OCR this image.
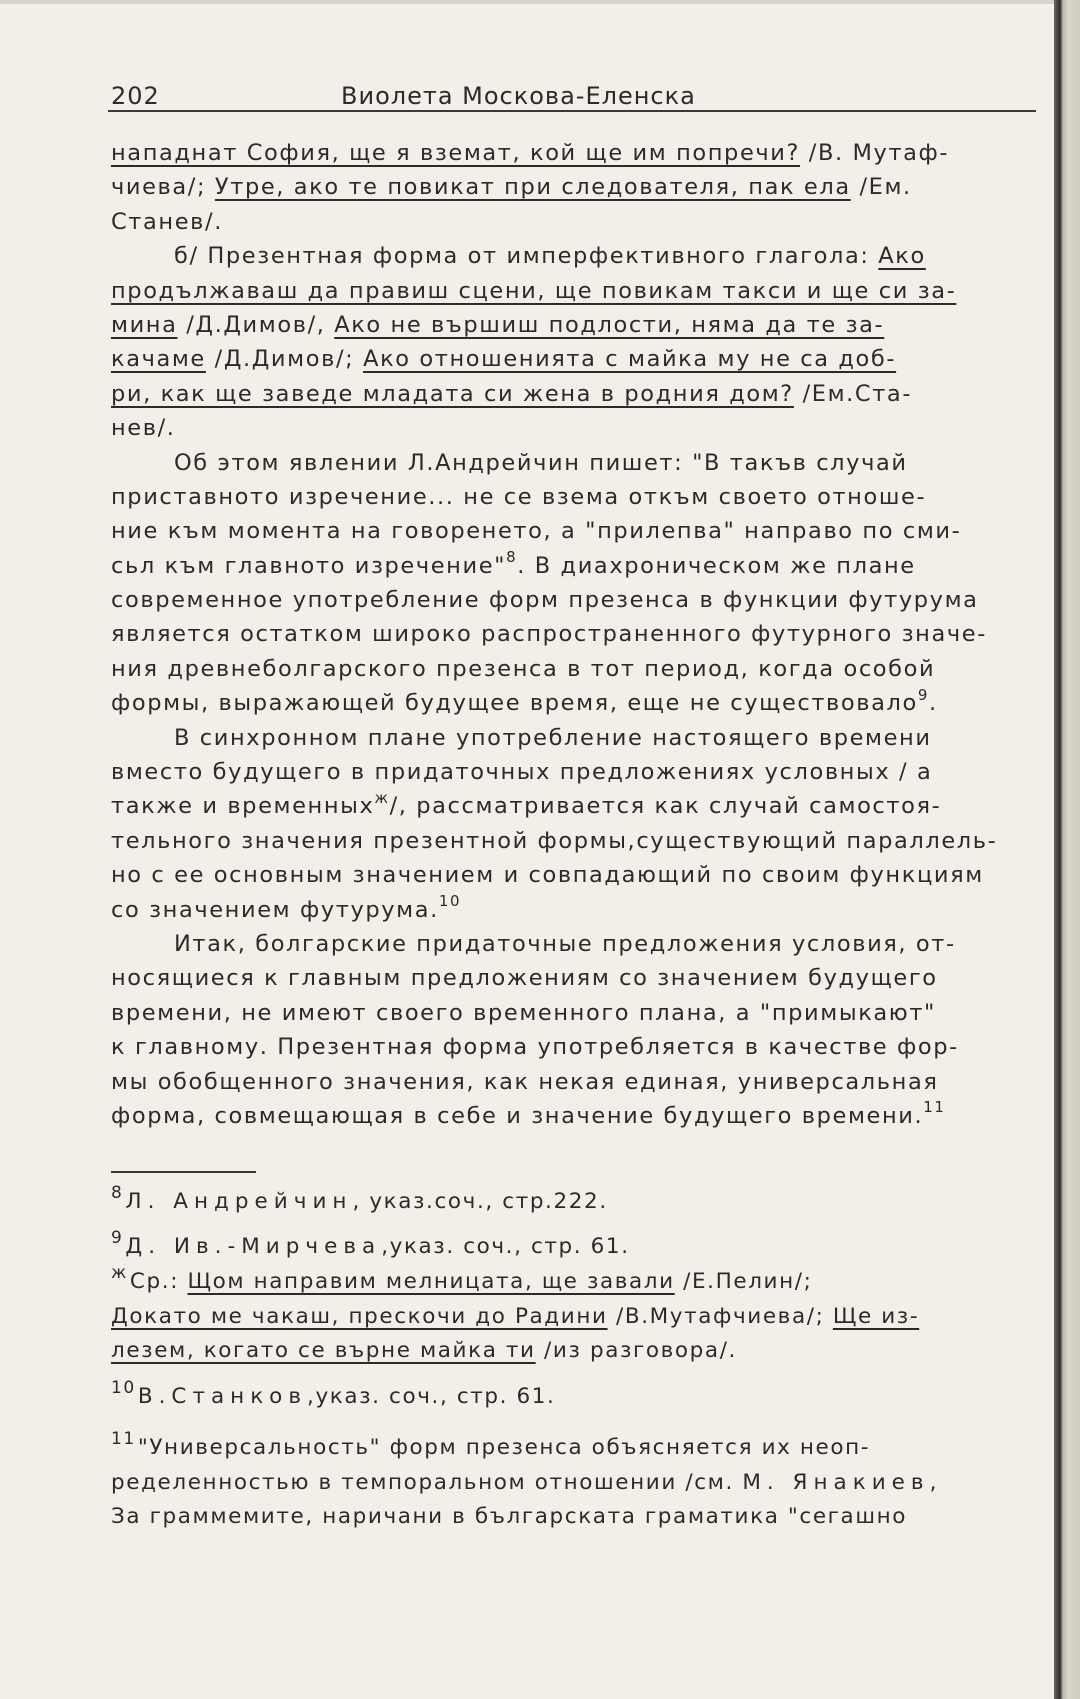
202	Виолета Москова-Еленска
нападнат София, ще я вземат, кой ще им попречи? /В. Мутаф-
чиева/; Утре, ако те повикат при следователя, пак ела /Ем.
Станев/.
б/ Презентная форма от имперфективного глагола: Ако
продължаваш да правиш сцени, ще повикам такси и ще си за-
мина /Д.Димов/, Ако не вършиш подлости, няма да те за-
качаме /Д.Димов/; Ако отношенията с майка му не са доб-
ри, как ще заведе младата си жена в родния дом? /Ем.Ста-
нев/.
Об этом явлении Л.Андрейчин пишет: "В такъв случай
приставното изречение... не се взема откъм своето отноше-
ние към момента на говоренето, а "прилепва" направо по сми-
сьл към главното изречение"$^8$. В диахроническом же плане
современное употребление форм презенса в функции футурума
является остатком широко распространенного футурного значе-
ния древнеболгарского презенса в тот период, когда особой
формы, выражающей будущее время, еще не существовало$^9$.
В синхронном плане употребление настоящего времени
вместо будущего в придаточных предложениях условных / а
также и временных$^ж$/, рассматривается как случай самостоя-
тельного значения презентной формы,существующий параллель-
но с ее основным значением и совпадающий по своим функциям
со значением футурума.$^{10}$
Итак, болгарские придаточные предложения условия, от-
носящиеся к главным предложениям со значением будущего
времени, не имеют своего временного плана, а "примыкают"
к главному. Презентная форма употребляется в качестве фор-
мы обобщенного значения, как некая единая, универсальная
форма, совмещающая в себе и значение будущего времени.$^{11}$
$^8$Л. Андрейчин, указ.соч., стр.222.
$^9$Д. Ив.-Мирчева,указ. соч., стр. 61.
$^ж$Ср.: Щом направим мелницата, ще завали /Е.Пелин/;
Докато ме чакаш, прескочи до Радини /В.Мутафчиева/; Ще из-
лезем, когато се върне майка ти /из разговора/.
$^{10}$В.Станков,указ. соч., стр. 61.
$^{11}$"Универсальность" форм презенса объясняется их неоп-
ределенностью в темпоральном отношении /см. М. Янакиев,
За граммемите, наричани в българската граматика "сегашно
